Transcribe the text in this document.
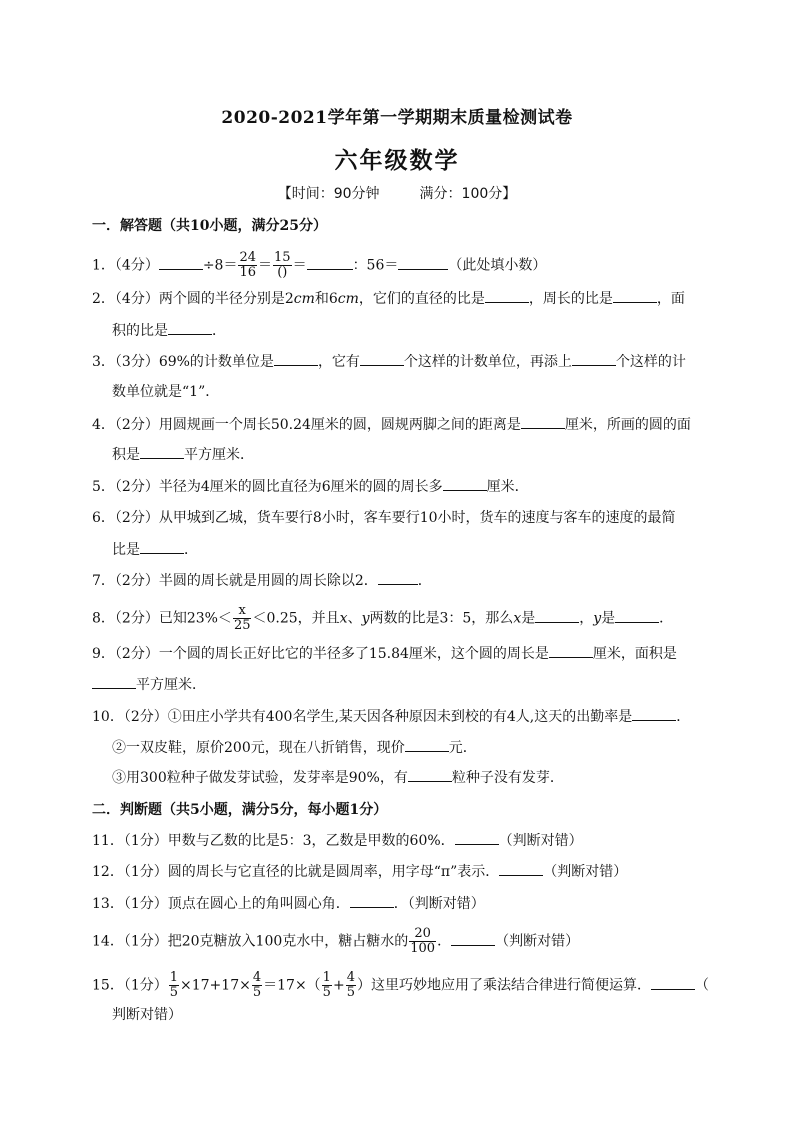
2020-2021学年第一学期期末质量检测试卷
六年级数学
【时间：90分钟	满分：100分】
一．解答题（共10小题，满分25分）
1．（4分）	$\div 8= \frac{24}{16} = \frac{15}{()}$ ＝	：56＝	（此处填小数）
2．（4分）两个圆的半径分别是2cm和6cm，它们的直径的比是	，周长的比是	，面
积的比是	．
3．（3分）69%的计数单位是	，它有	个这样的计数单位，再添上	个这样的计
数单位就是“1”．
4．（2分）用圆规画一个周长50.24厘米的圆，圆规两脚之间的距离是	厘米，所画的圆的面
积是	平方厘米．
5．（2分）半径为4厘米的圆比直径为6厘米的圆的周长多	厘米．
6．（2分）从甲城到乙城，货车要行8小时，客车要行10小时，货车的速度与客车的速度的最简
比是	．
7．（2分）半圆的周长就是用圆的周长除以2．	．
8．（2分）已知$23\%< \frac{x}{25} <0.25$，并且x、y两数的比是3：5，那么x是	，y是	．
9．（2分）一个圆的周长正好比它的半径多了15.84厘米，这个圆的周长是	厘米，面积是
平方厘米．
10．（2分）①田庄小学共有400名学生,某天因各种原因未到校的有4人,这天的出勤率是	．
②一双皮鞋，原价200元，现在八折销售，现价	元．
③用300粒种子做发芽试验，发芽率是90%，有	粒种子没有发芽．
二．判断题（共5小题，满分5分，每小题1分）
11．（1分）甲数与乙数的比是5：3，乙数是甲数的60%．	（判断对错）
12．（1分）圆的周长与它直径的比就是圆周率，用字母“π”表示．	（判断对错）
13．（1分）顶点在圆心上的角叫圆心角．	．（判断对错）
14．（1分）把20克糖放入100克水中，糖占糖水的 $\frac{20}{100}$ ．	（判断对错）
15．（1分） $\frac{1}{5} \times 17+17\times \frac{4}{5} =17\times( \frac{1}{5} + \frac{4}{5}$ ）这里巧妙地应用了乘法结合律进行简便运算．	（
判断对错）
